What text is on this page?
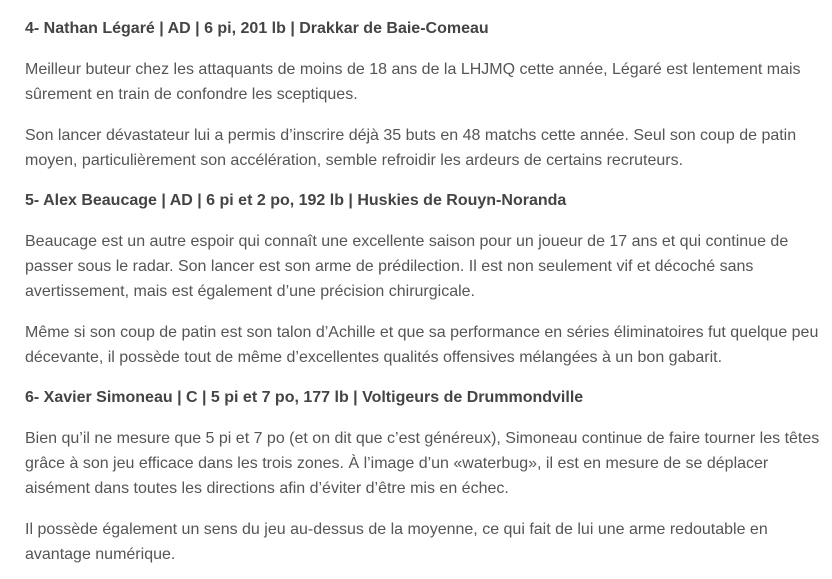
4- Nathan Légaré | AD | 6 pi, 201 lb | Drakkar de Baie-Comeau

Meilleur buteur chez les attaquants de moins de 18 ans de la LHJMQ cette année, Légaré est lentement mais sûrement en train de confondre les sceptiques.

Son lancer dévastateur lui a permis d’inscrire déjà 35 buts en 48 matchs cette année. Seul son coup de patin moyen, particulièrement son accélération, semble refroidir les ardeurs de certains recruteurs.

5- Alex Beaucage | AD | 6 pi et 2 po, 192 lb | Huskies de Rouyn-Noranda

Beaucage est un autre espoir qui connaît une excellente saison pour un joueur de 17 ans et qui continue de passer sous le radar. Son lancer est son arme de prédilection. Il est non seulement vif et décoché sans avertissement, mais est également d’une précision chirurgicale.

Même si son coup de patin est son talon d’Achille et que sa performance en séries éliminatoires fut quelque peu décevante, il possède tout de même d’excellentes qualités offensives mélangées à un bon gabarit.

6- Xavier Simoneau | C | 5 pi et 7 po, 177 lb | Voltigeurs de Drummondville

Bien qu’il ne mesure que 5 pi et 7 po (et on dit que c’est généreux), Simoneau continue de faire tourner les têtes grâce à son jeu efficace dans les trois zones. À l’image d’un «waterbug», il est en mesure de se déplacer aisément dans toutes les directions afin d’éviter d’être mis en échec.

Il possède également un sens du jeu au-dessus de la moyenne, ce qui fait de lui une arme redoutable en avantage numérique.
